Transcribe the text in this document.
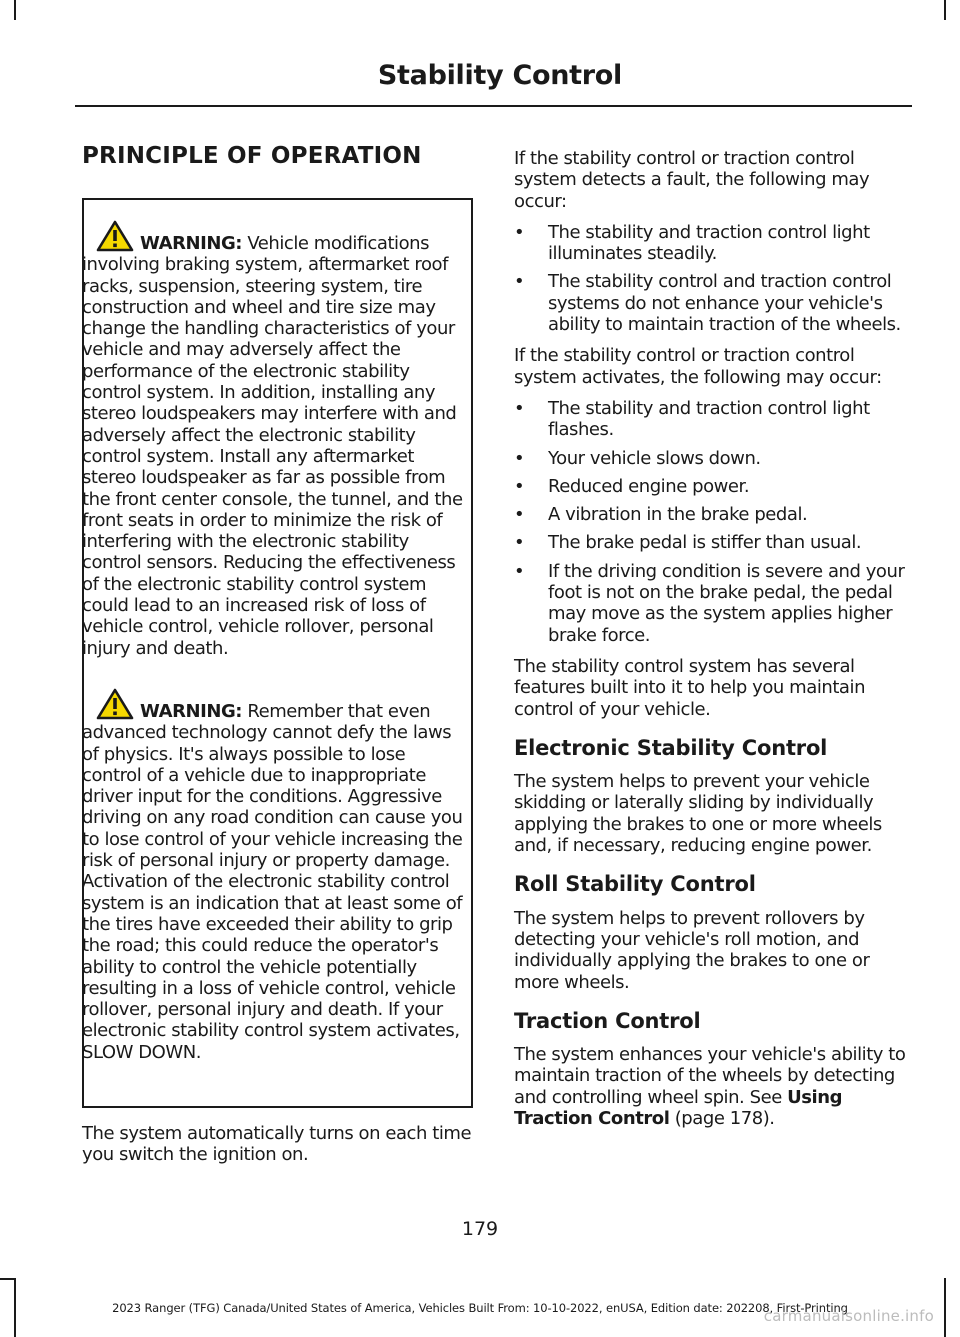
Stability Control
PRINCIPLE OF OPERATION

WARNING: Vehicle modifications involving braking system, aftermarket roof racks, suspension, steering system, tire construction and wheel and tire size may change the handling characteristics of your vehicle and may adversely affect the performance of the electronic stability control system. In addition, installing any stereo loudspeakers may interfere with and adversely affect the electronic stability control system. Install any aftermarket stereo loudspeaker as far as possible from the front center console, the tunnel, and the front seats in order to minimize the risk of interfering with the electronic stability control sensors. Reducing the effectiveness of the electronic stability control system could lead to an increased risk of loss of vehicle control, vehicle rollover, personal injury and death.

WARNING: Remember that even advanced technology cannot defy the laws of physics. It's always possible to lose control of a vehicle due to inappropriate driver input for the conditions. Aggressive driving on any road condition can cause you to lose control of your vehicle increasing the risk of personal injury or property damage. Activation of the electronic stability control system is an indication that at least some of the tires have exceeded their ability to grip the road; this could reduce the operator's ability to control the vehicle potentially resulting in a loss of vehicle control, vehicle rollover, personal injury and death. If your electronic stability control system activates, SLOW DOWN.

The system automatically turns on each time you switch the ignition on.

If the stability control or traction control system detects a fault, the following may occur:

• The stability and traction control light illuminates steadily.
• The stability control and traction control systems do not enhance your vehicle's ability to maintain traction of the wheels.

If the stability control or traction control system activates, the following may occur:

• The stability and traction control light flashes.
• Your vehicle slows down.
• Reduced engine power.
• A vibration in the brake pedal.
• The brake pedal is stiffer than usual.
• If the driving condition is severe and your foot is not on the brake pedal, the pedal may move as the system applies higher brake force.

The stability control system has several features built into it to help you maintain control of your vehicle.

Electronic Stability Control

The system helps to prevent your vehicle skidding or laterally sliding by individually applying the brakes to one or more wheels and, if necessary, reducing engine power.

Roll Stability Control

The system helps to prevent rollovers by detecting your vehicle's roll motion, and individually applying the brakes to one or more wheels.

Traction Control

The system enhances your vehicle's ability to maintain traction of the wheels by detecting and controlling wheel spin. See Using Traction Control (page 178).

179
2023 Ranger (TFG) Canada/United States of America, Vehicles Built From: 10-10-2022, enUSA, Edition date: 202208, First-Printing
carmanualsonline.info
